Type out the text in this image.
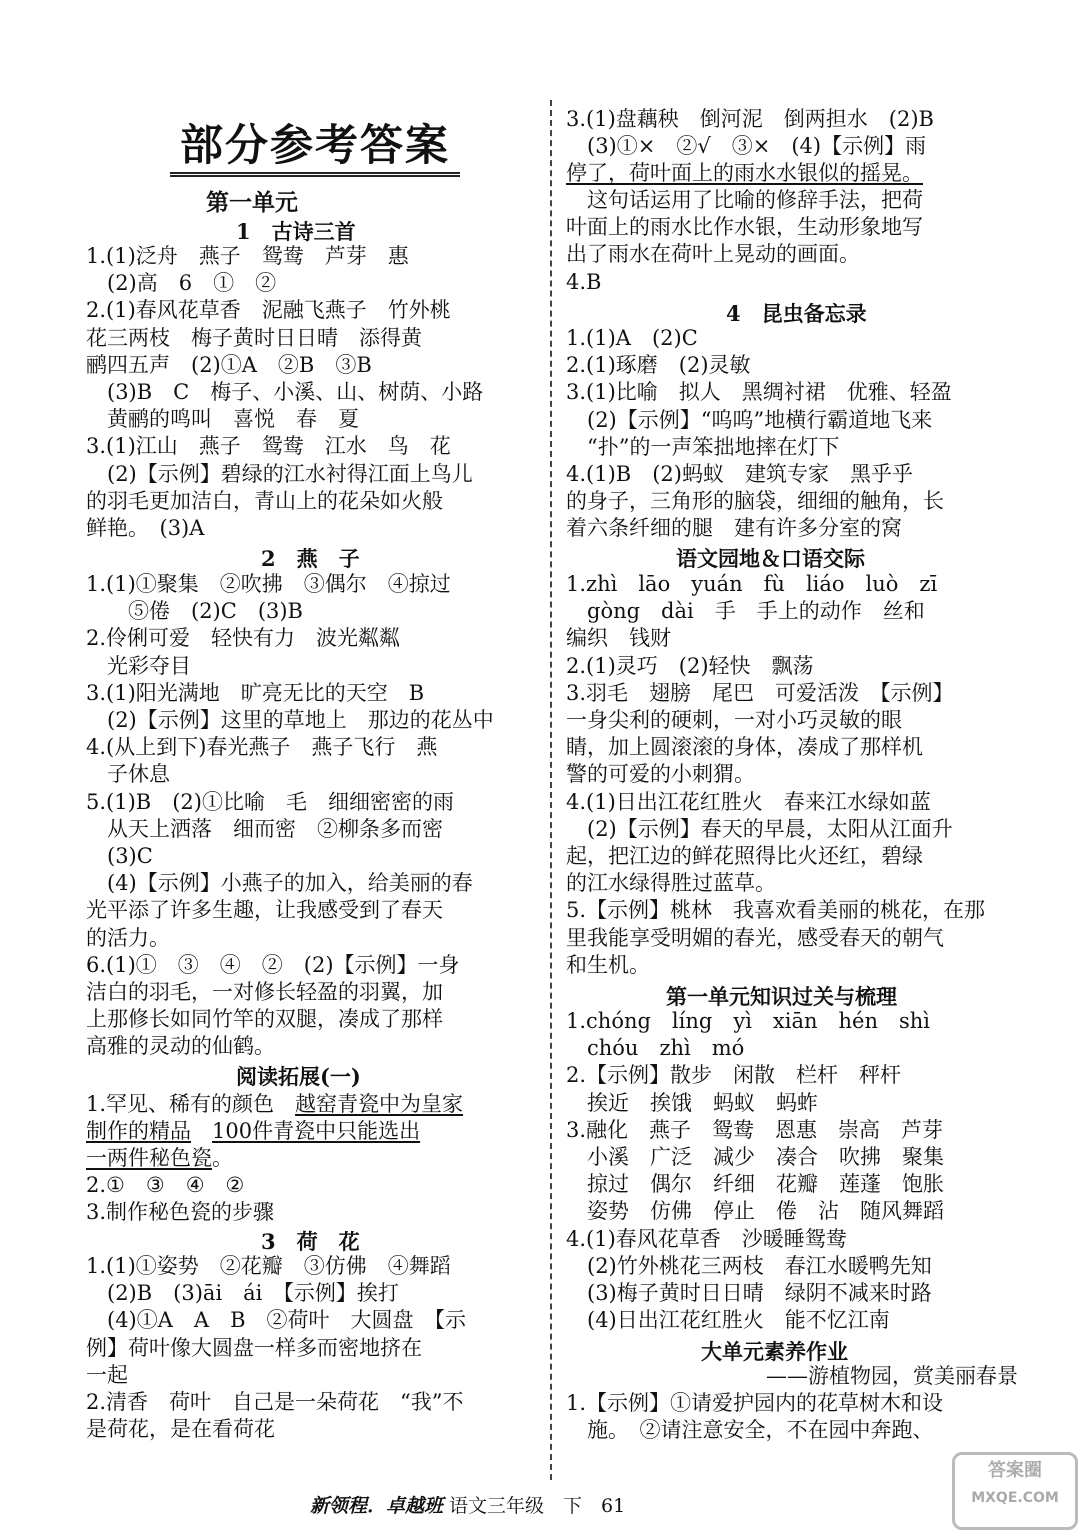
部分参考答案
第一单元
1　古诗三首
1.(1)泛舟　燕子　鸳鸯　芦芽　惠
　(2)高　6　①　②
2.(1)春风花草香　泥融飞燕子　竹外桃
花三两枝　梅子黄时日日晴　添得黄
鹂四五声　(2)①A　②B　③B
　(3)B　C　梅子、小溪、山、树荫、小路
　黄鹂的鸣叫　喜悦　春　夏
3.(1)江山　燕子　鸳鸯　江水　鸟　花
　(2)【示例】碧绿的江水衬得江面上鸟儿
的羽毛更加洁白，青山上的花朵如火般
鲜艳。　(3)A
2　燕　子
1.(1)①聚集　②吹拂　③偶尔　④掠过
　　⑤倦　(2)C　(3)B
2.伶俐可爱　轻快有力　波光粼粼
　光彩夺目
3.(1)阳光满地　旷亮无比的天空　B
　(2)【示例】这里的草地上　那边的花丛中
4.(从上到下)春光燕子　燕子飞行　燕
　子休息
5.(1)B　(2)①比喻　毛　细细密密的雨
　从天上洒落　细而密　②柳条多而密
　(3)C
　(4)【示例】小燕子的加入，给美丽的春
光平添了许多生趣，让我感受到了春天
的活力。
6.(1)①　③　④　②　(2)【示例】一身
洁白的羽毛，一对修长轻盈的羽翼，加
上那修长如同竹竿的双腿，凑成了那样
高雅的灵动的仙鹤。
阅读拓展(一)
1.罕见、稀有的颜色　越窑青瓷中为皇家
制作的精品　 100件青瓷中只能选出
一两件秘色瓷。
2.①　③　④　②
3.制作秘色瓷的步骤
3　荷　花
1.(1)①姿势　②花瓣　③仿佛　④舞蹈
　(2)B　(3)āi　ái　【示例】挨打
　(4)①A　A　B　②荷叶　大圆盘　【示
例】荷叶像大圆盘一样多而密地挤在
一起
2.清香　荷叶　自己是一朵荷花　“我”不
是荷花，是在看荷花
3.(1)盘藕秧　倒河泥　倒两担水　(2)B
　(3)①×　②√　③×　(4)【示例】雨
停了，荷叶面上的雨水水银似的摇晃。
　这句话运用了比喻的修辞手法，把荷
叶面上的雨水比作水银，生动形象地写
出了雨水在荷叶上晃动的画面。
4.B
4　昆虫备忘录
1.(1)A　(2)C
2.(1)琢磨　(2)灵敏
3.(1)比喻　拟人　黑绸衬裙　优雅、轻盈
　(2)【示例】“呜呜”地横行霸道地飞来
　“扑”的一声笨拙地摔在灯下
4.(1)B　(2)蚂蚁　建筑专家　黑乎乎
的身子，三角形的脑袋，细细的触角，长
着六条纤细的腿　建有许多分室的窝
语文园地＆口语交际
1.zhì　lāo　yuán　fù　liáo　luò　zī
　gòng　dài　手　手上的动作　丝和
编织　钱财
2.(1)灵巧　(2)轻快　飘荡
3.羽毛　翅膀　尾巴　可爱活泼　【示例】
一身尖利的硬刺，一对小巧灵敏的眼
睛，加上圆滚滚的身体，凑成了那样机
警的可爱的小刺猬。
4.(1)日出江花红胜火　春来江水绿如蓝
　(2)【示例】春天的早晨，太阳从江面升
起，把江边的鲜花照得比火还红，碧绿
的江水绿得胜过蓝草。
5.【示例】桃林　我喜欢看美丽的桃花，在那
里我能享受明媚的春光，感受春天的朝气
和生机。
第一单元知识过关与梳理
1.chóng　líng　yì　xiān　hén　shì
　chóu　zhì　mó
2.【示例】散步　闲散　栏杆　秤杆
　挨近　挨饿　蚂蚁　蚂蚱
3.融化　燕子　鸳鸯　恩惠　崇高　芦芽
　小溪　广泛　减少　凑合　吹拂　聚集
　掠过　偶尔　纤细　花瓣　莲蓬　饱胀
　姿势　仿佛　停止　倦　沾　随风舞蹈
4.(1)春风花草香　沙暖睡鸳鸯
　(2)竹外桃花三两枝　春江水暖鸭先知
　(3)梅子黄时日日晴　绿阴不减来时路
　(4)日出江花红胜火　能不忆江南
大单元素养作业
——游植物园，赏美丽春景
1.【示例】①请爱护园内的花草树木和设
　施。　②请注意安全，不在园中奔跑、
新领程．卓越班 语文三年级　下　61
答案圈
MXQE.COM
